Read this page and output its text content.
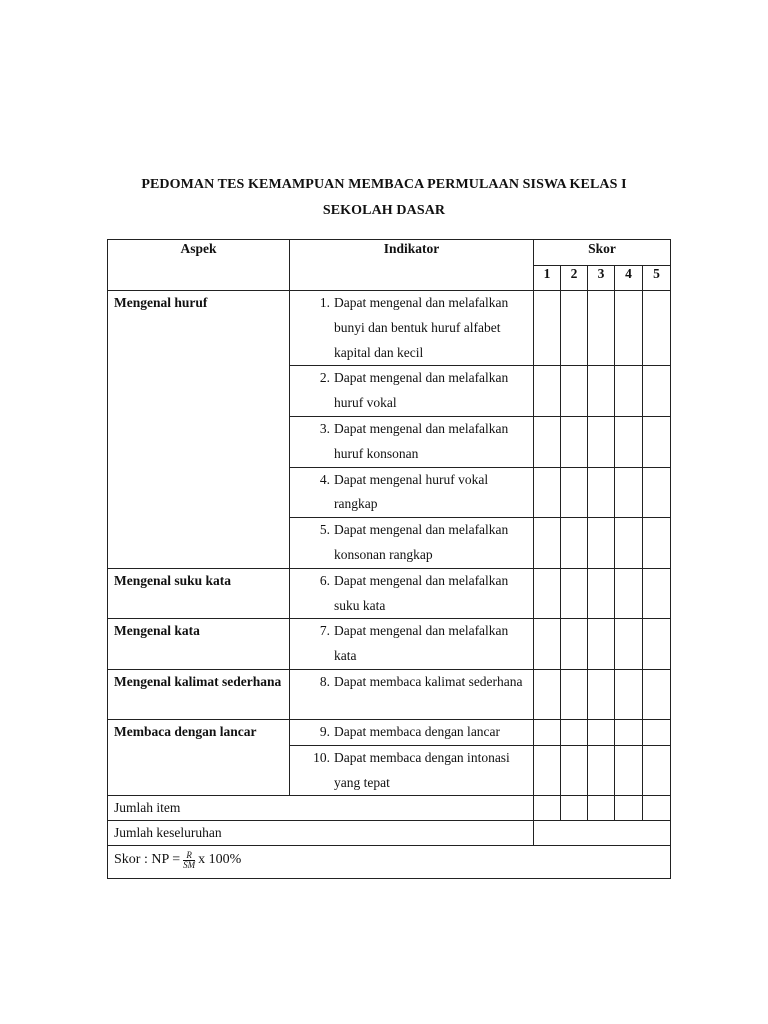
PEDOMAN TES KEMAMPUAN MEMBACA PERMULAAN SISWA KELAS I
SEKOLAH DASAR
Aspek	Indikator	Skor				
		1	2	3	4	5
Mengenal huruf	1. Dapat mengenal dan melafalkan bunyi dan bentuk huruf alfabet kapital dan kecil					

	2. Dapat mengenal dan melafalkan huruf vokal					

	3. Dapat mengenal dan melafalkan huruf konsonan					

	4. Dapat mengenal huruf vokal rangkap					

	5. Dapat mengenal dan melafalkan konsonan rangkap					

Mengenal suku kata	6. Dapat mengenal dan melafalkan suku kata					

Mengenal kata	7. Dapat mengenal dan melafalkan kata					

Mengenal kalimat sederhana	8. Dapat membaca kalimat sederhana					

Membaca dengan lancar	9. Dapat membaca dengan lancar					

	10. Dapat membaca dengan intonasi yang tepat					

Jumlah item						
Jumlah keseluruhan						
Skor : NP = $\frac{R}{SM}$ x 100%						
